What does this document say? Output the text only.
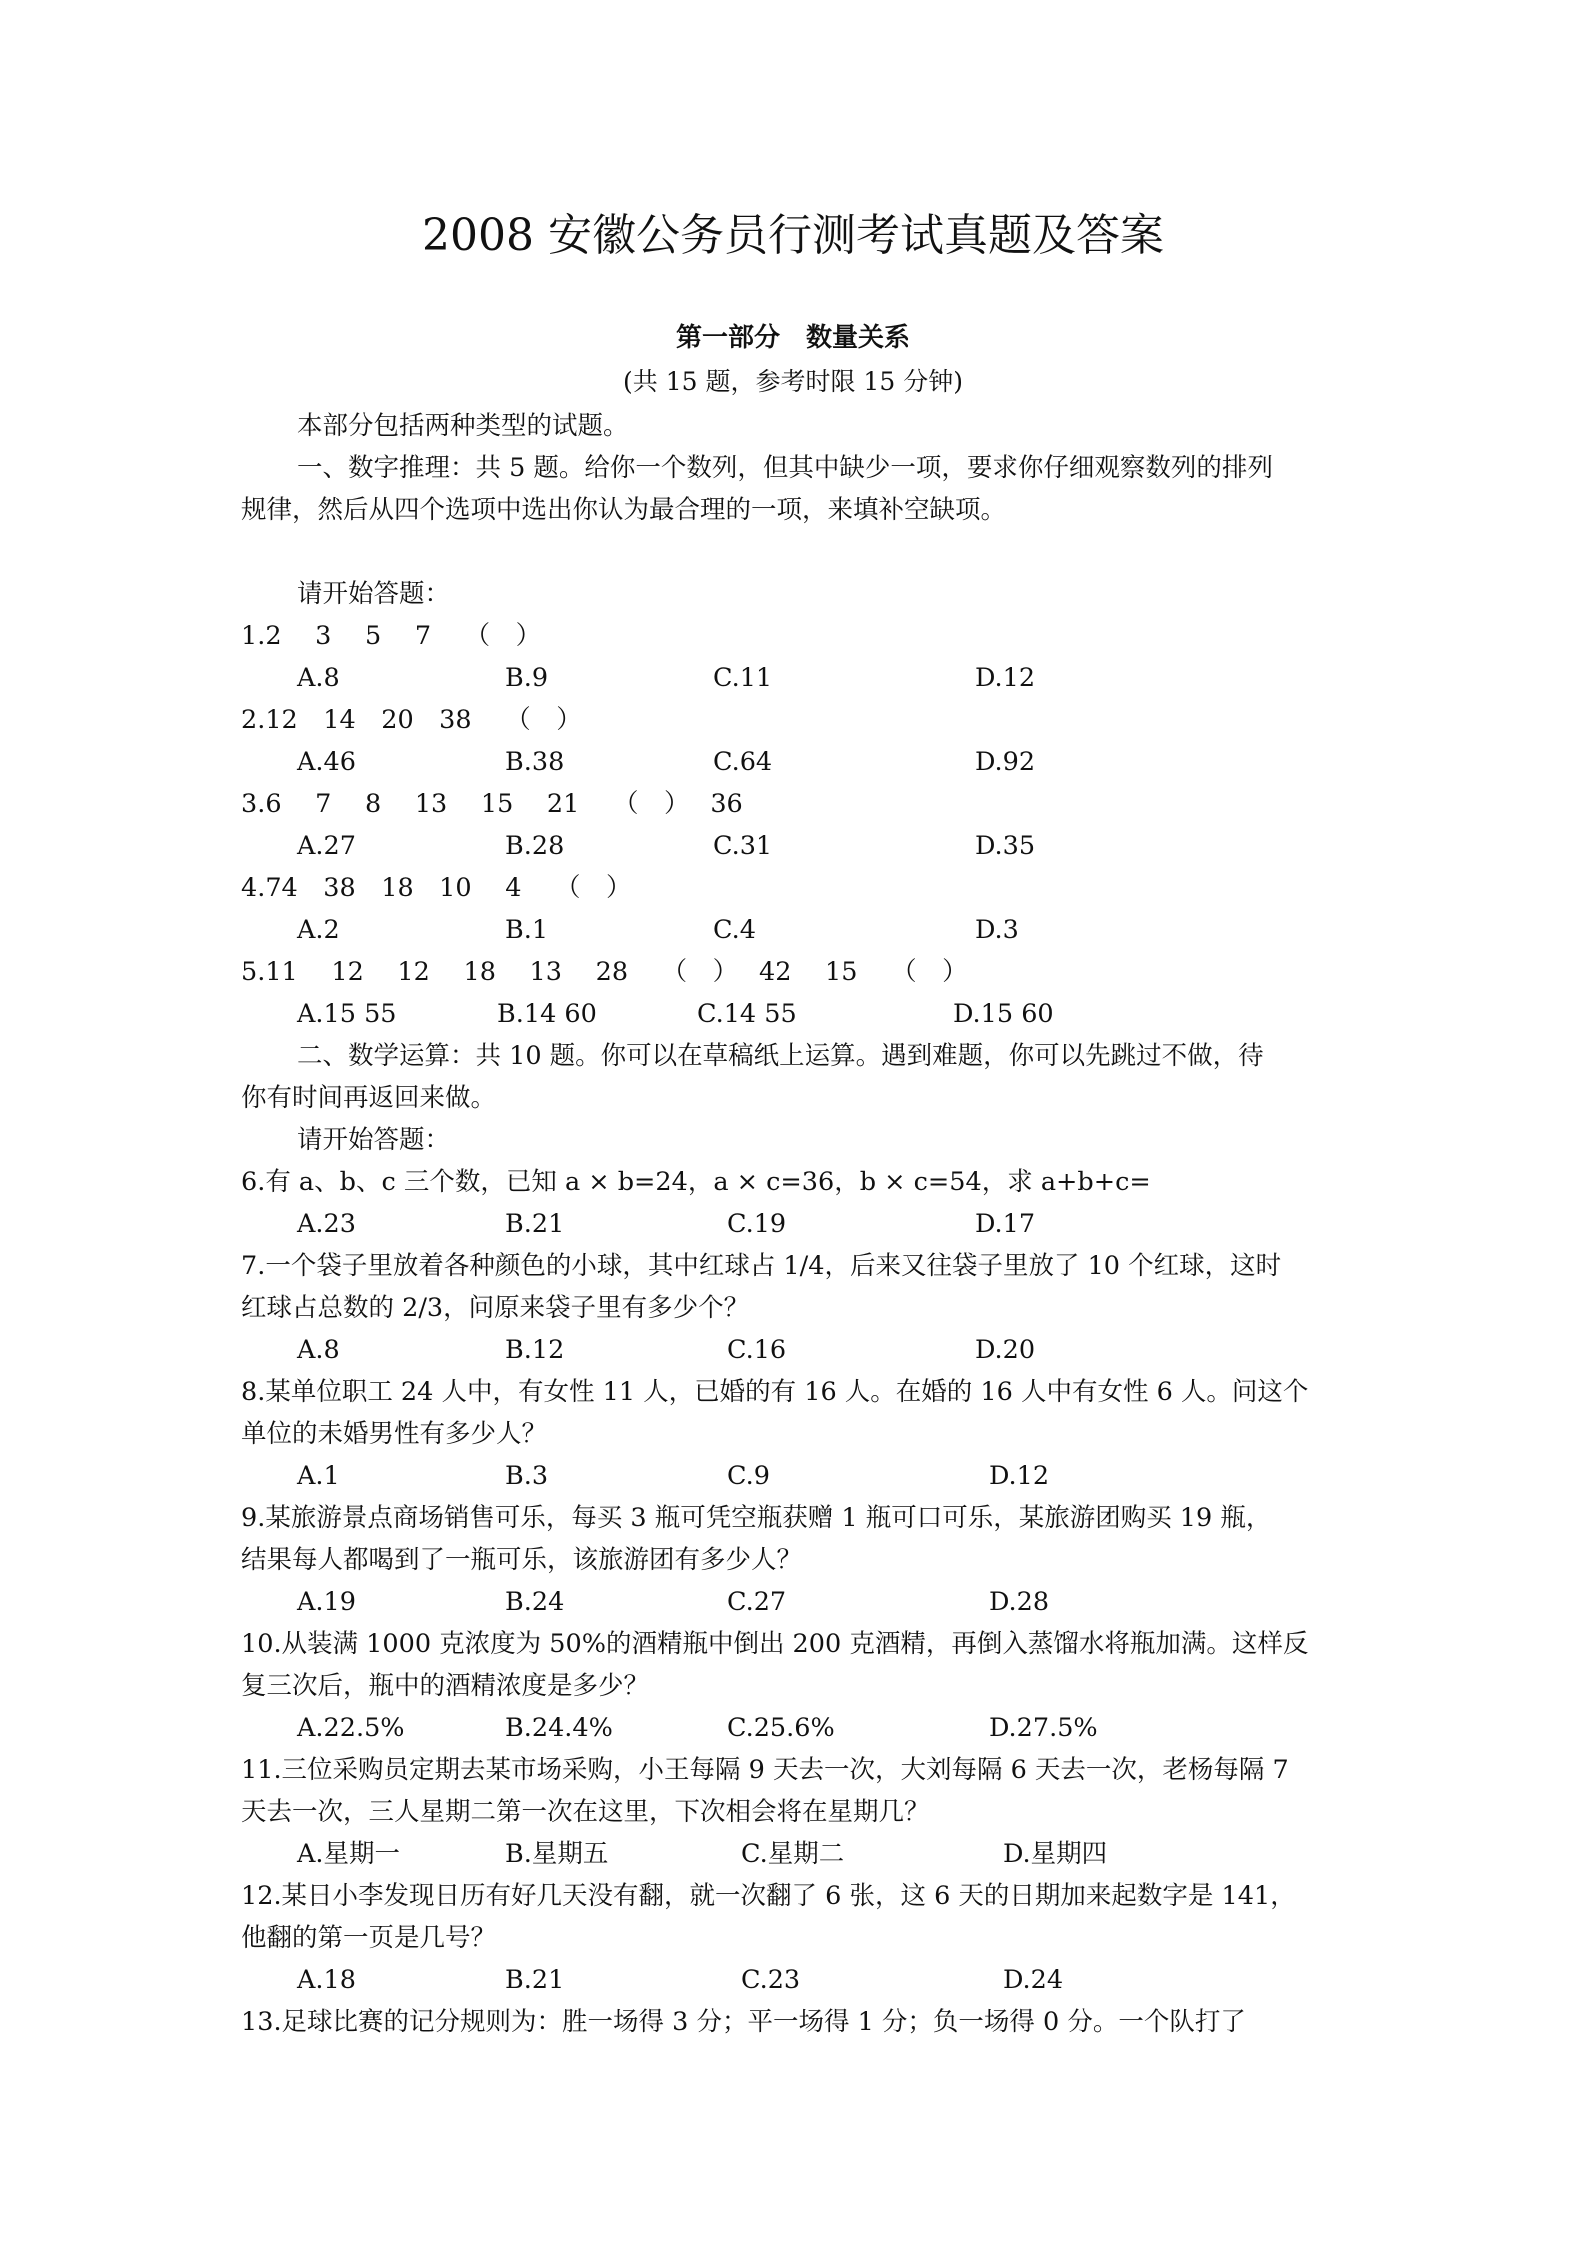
2008 安徽公务员行测考试真题及答案
第一部分　数量关系
(共 15 题，参考时限 15 分钟)
本部分包括两种类型的试题。
一、数字推理：共 5 题。给你一个数列，但其中缺少一项，要求你仔细观察数列的排列
规律，然后从四个选项中选出你认为最合理的一项，来填补空缺项。
请开始答题：
1.2　 3　 5　 7　 （　）
A.8	B.9	C.11	D.12
2.12　14　20　38　 （　）
A.46	B.38	C.64	D.92
3.6　 7　 8　 13　 15　 21　 （　）　 36
A.27	B.28	C.31	D.35
4.74　38　18　10　 4　 （　）
A.2	B.1	C.4	D.3
5.11　 12　 12　 18　 13　 28　 （　）　 42　 15　 （　）
A.15 55	B.14 60	C.14 55	D.15 60
二、数学运算：共 10 题。你可以在草稿纸上运算。遇到难题，你可以先跳过不做，待
你有时间再返回来做。
请开始答题：
6.有 a、b、c 三个数，已知 a × b=24，a × c=36，b × c=54，求 a+b+c=
A.23	B.21	C.19	D.17
7.一个袋子里放着各种颜色的小球，其中红球占 1/4，后来又往袋子里放了 10 个红球，这时
红球占总数的 2/3，问原来袋子里有多少个？
A.8	B.12	C.16	D.20
8.某单位职工 24 人中，有女性 11 人，已婚的有 16 人。在婚的 16 人中有女性 6 人。问这个
单位的未婚男性有多少人？
A.1	B.3	C.9	D.12
9.某旅游景点商场销售可乐，每买 3 瓶可凭空瓶获赠 1 瓶可口可乐，某旅游团购买 19 瓶，
结果每人都喝到了一瓶可乐，该旅游团有多少人？
A.19	B.24	C.27	D.28
10.从装满 1000 克浓度为 50%的酒精瓶中倒出 200 克酒精，再倒入蒸馏水将瓶加满。这样反
复三次后，瓶中的酒精浓度是多少？
A.22.5%	B.24.4%	C.25.6%	D.27.5%
11.三位采购员定期去某市场采购，小王每隔 9 天去一次，大刘每隔 6 天去一次，老杨每隔 7
天去一次，三人星期二第一次在这里，下次相会将在星期几？
A.星期一	B.星期五	C.星期二	D.星期四
12.某日小李发现日历有好几天没有翻，就一次翻了 6 张，这 6 天的日期加来起数字是 141，
他翻的第一页是几号？
A.18	B.21	C.23	D.24
13.足球比赛的记分规则为：胜一场得 3 分；平一场得 1 分；负一场得 0 分。一个队打了
